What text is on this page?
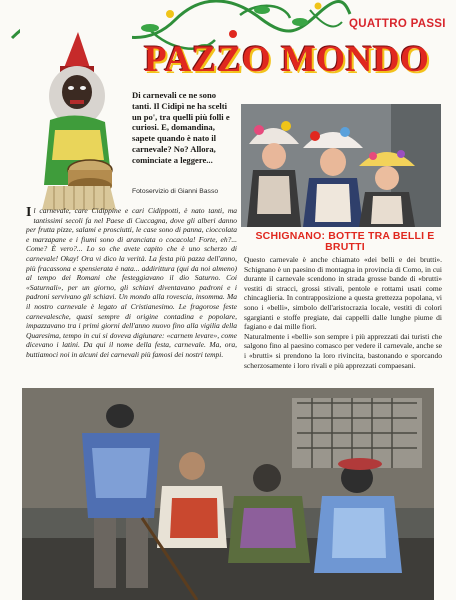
QUATTRO PASSI
PAZZO MONDO
Di carnevali ce ne sono tanti. Il Cidipì ne ha scelti un po', tra quelli più folli e curiosi. E, domandina, sapete quando è nato il carnevale? No? Allora, cominciate a leggere...
Fotoservizio di Gianni Basso
Il carnevale, care Cidippine e cari Cidippotti, è nato tanti, ma tantissimi secoli fa nel Paese di Cuccagna, dove gli alberi danno per frutta pizze, salami e prosciutti, le case sono di panna, cioccolata e marzapane e i fiumi sono di aranciata o cocacola! Forte, eh?... Come? È vero?... Lo so che avete capito che è uno scherzo di carnevale! Okay! Ora vi dico la verità. La festa più pazza dell'anno, più fracassona e spensierata è nata... addirittura (qui da noi almeno) al tempo dei Romani che festeggiavano il dio Saturno. Coi «Saturnali», per un giorno, gli schiavi diventavano padroni e i padroni servivano gli schiavi. Un mondo alla rovescia, insomma. Ma il nostro carnevale è legato al Cristianesimo. Le fragorose feste carnevalesche, quasi sempre di origine contadina e popolare, impazzavano tra i primi giorni dell'anno nuovo fino alla vigilia della Quaresima, tempo in cui si doveva digiunare: «carnem levare», come dicevano i latini. Da qui il nome della festa, carnevale. Ma, ora, buttiamoci noi in alcuni dei carnevali più famosi dei nostri tempi.
SCHIGNANO: BOTTE TRA BELLI E BRUTTI

Questo carnevale è anche chiamato «dei belli e dei brutti». Schignano è un paesino di montagna in provincia di Como, in cui durante il carnevale scendono in strada grosse bande di «brutti» vestiti di stracci, grossi stivali, pentole e rottami usati come chincaglieria. In contrapposizione a questa grettezza popolana, vi sono i «belli», simbolo dell'aristocrazia locale, vestiti di colori sgargianti e stoffe pregiate, dai cappelli dalle lunghe piume di fagiano e dai mille fiori.

Naturalmente i «belli» son sempre i più apprezzati dai turisti che salgono fino al paesino comasco per vedere il carnevale, anche se i «brutti» si prendono la loro rivincita, bastonando e sporcando scherzosamente i loro rivali e più apprezzati compaesani.
